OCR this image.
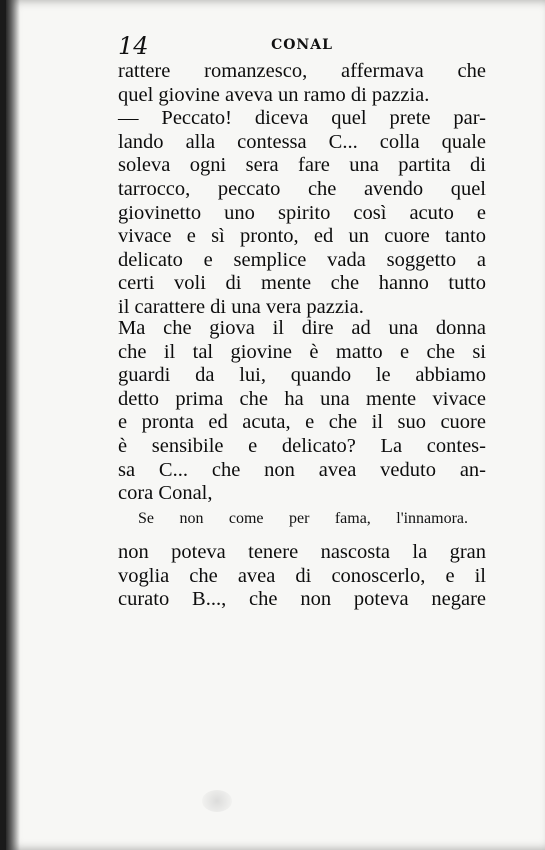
14	CONAL
rattere romanzesco, affermava che
quel giovine aveva un ramo di pazzia.
— Peccato! diceva quel prete par-
lando alla contessa C... colla quale
soleva ogni sera fare una partita di
tarrocco, peccato che avendo quel
giovinetto uno spirito così acuto e
vivace e sì pronto, ed un cuore tanto
delicato e semplice vada soggetto a
certi voli di mente che hanno tutto
il carattere di una vera pazzia.
Ma che giova il dire ad una donna
che il tal giovine è matto e che si
guardi da lui, quando le abbiamo
detto prima che ha una mente vivace
e pronta ed acuta, e che il suo cuore
è sensibile e delicato? La contes-
sa C... che non avea veduto an-
cora Conal,
Se non come per fama, l'innamora.
non poteva tenere nascosta la gran
voglia che avea di conoscerlo, e il
curato B..., che non poteva negare
